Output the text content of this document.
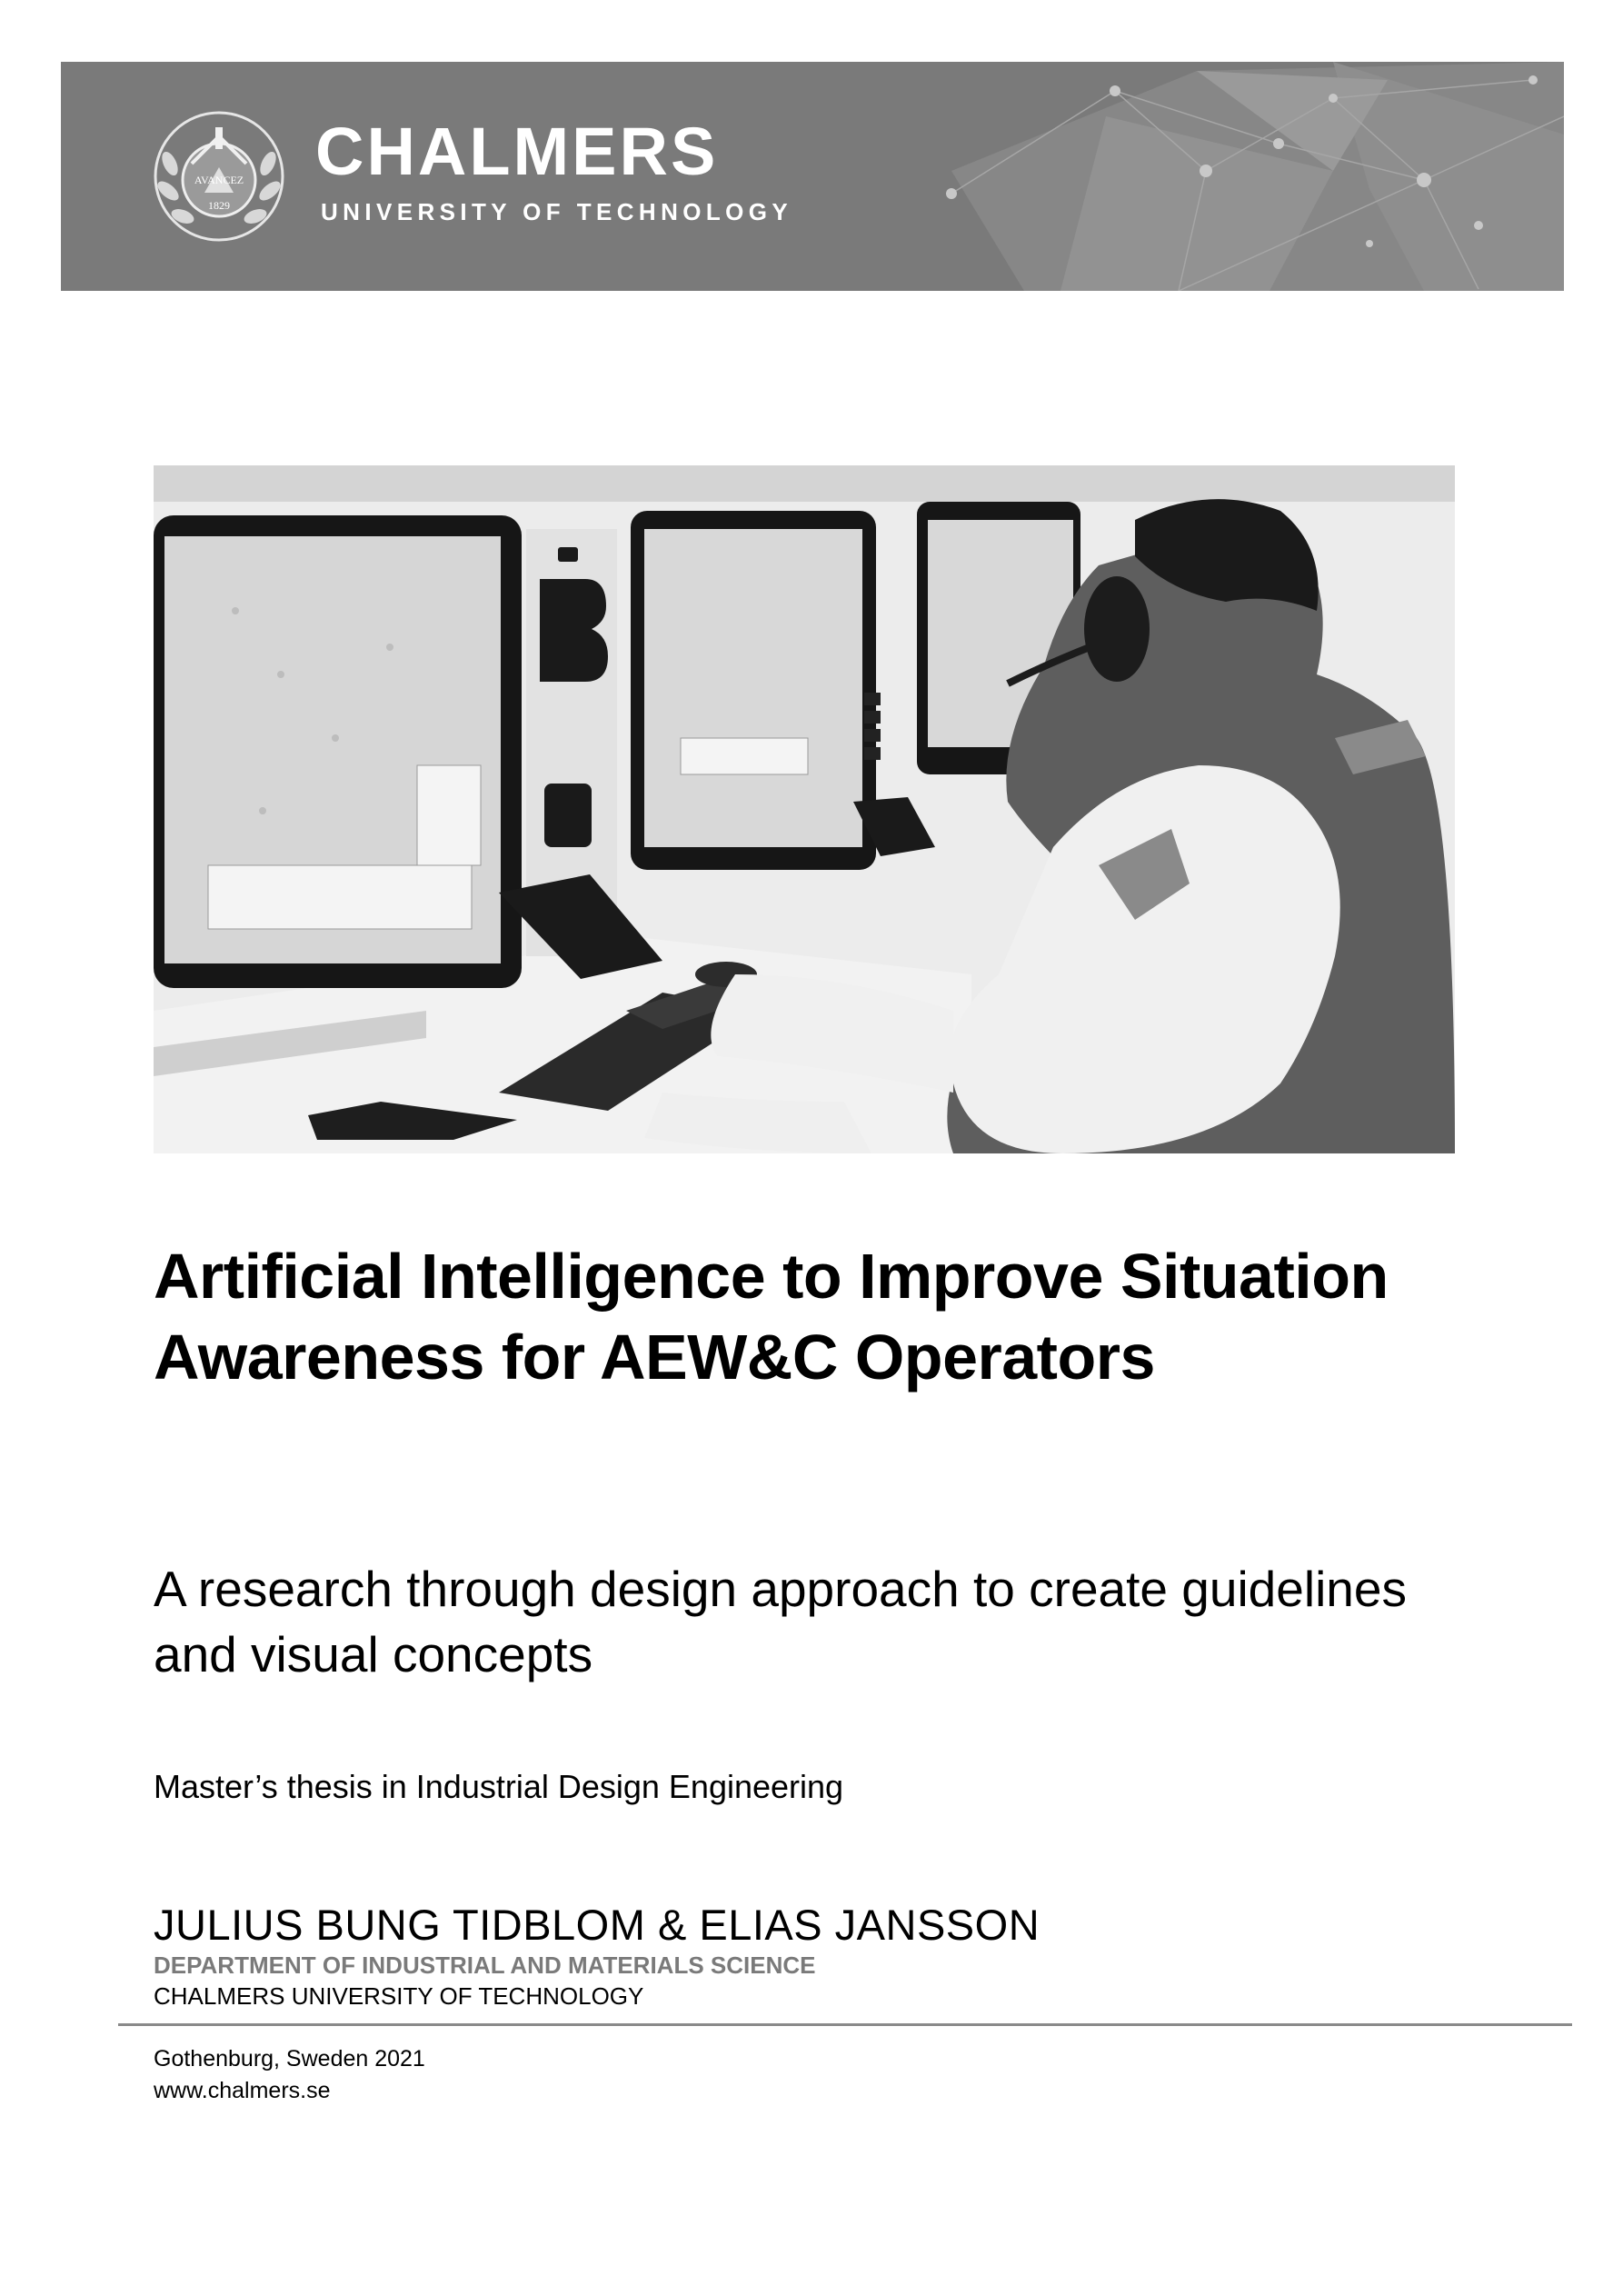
AVANCEZ
1829
CHALMERS
UNIVERSITY OF TECHNOLOGY
Artificial Intelligence to Improve Situation Awareness for AEW&C Operators

A research through design approach to create guidelines and visual concepts

Master’s thesis in Industrial Design Engineering
JULIUS BUNG TIDBLOM & ELIAS JANSSON
DEPARTMENT OF INDUSTRIAL AND MATERIALS SCIENCE
CHALMERS UNIVERSITY OF TECHNOLOGY
Gothenburg, Sweden 2021
www.chalmers.se
